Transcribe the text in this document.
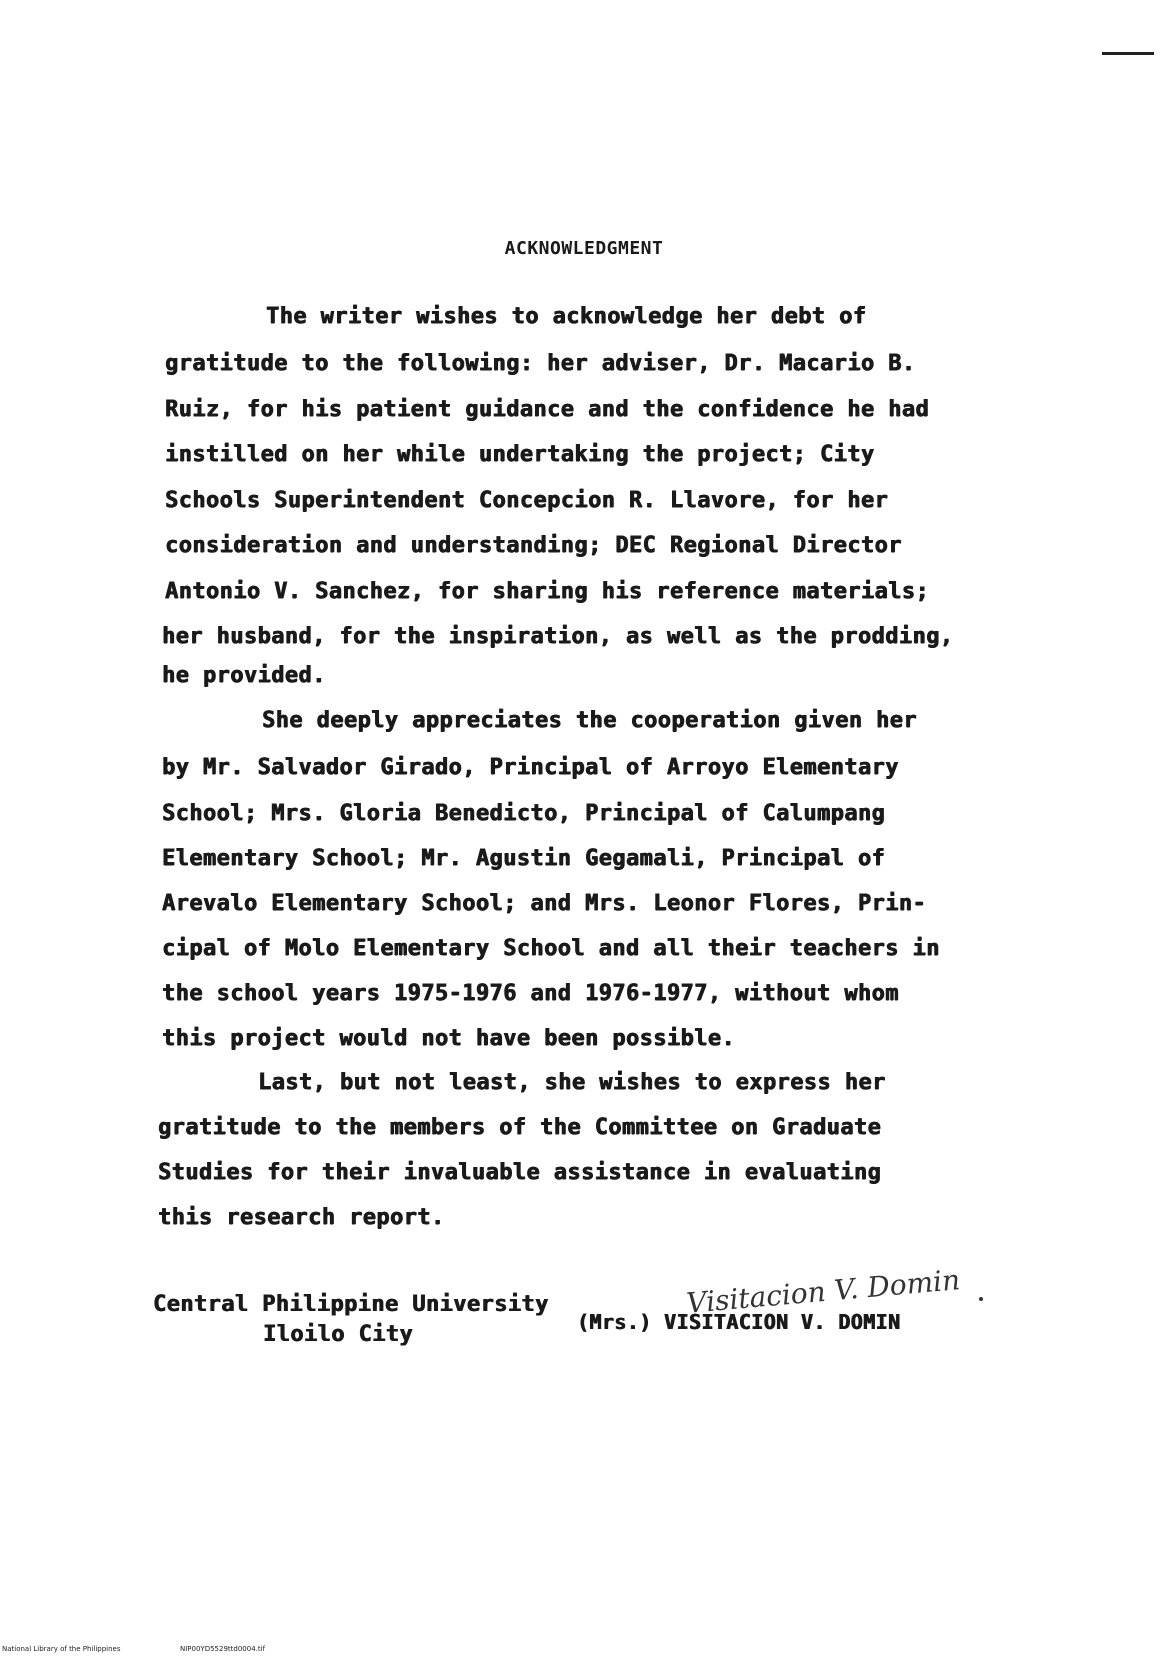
ACKNOWLEDGMENT
The writer wishes to acknowledge her debt of
gratitude to the following: her adviser, Dr. Macario B.
Ruiz, for his patient guidance and the confidence he had
instilled on her while undertaking the project; City
Schools Superintendent Concepcion R. Llavore, for her
consideration and understanding; DEC Regional Director
Antonio V. Sanchez, for sharing his reference materials;
her husband, for the inspiration, as well as the prodding,
he provided.
She deeply appreciates the cooperation given her
by Mr. Salvador Girado, Principal of Arroyo Elementary
School; Mrs. Gloria Benedicto, Principal of Calumpang
Elementary School; Mr. Agustin Gegamali, Principal of
Arevalo Elementary School; and Mrs. Leonor Flores, Prin-
cipal of Molo Elementary School and all their teachers in
the school years 1975-1976 and 1976-1977, without whom
this project would not have been possible.
Last, but not least, she wishes to express her
gratitude to the members of the Committee on Graduate
Studies for their invaluable assistance in evaluating
this research report.
Visitacion V. Domin
(Mrs.) VISITACION V. DOMIN
Central Philippine University
Iloilo City
National Library of the Philippines	NIP00YD5529ttd0004.tif
